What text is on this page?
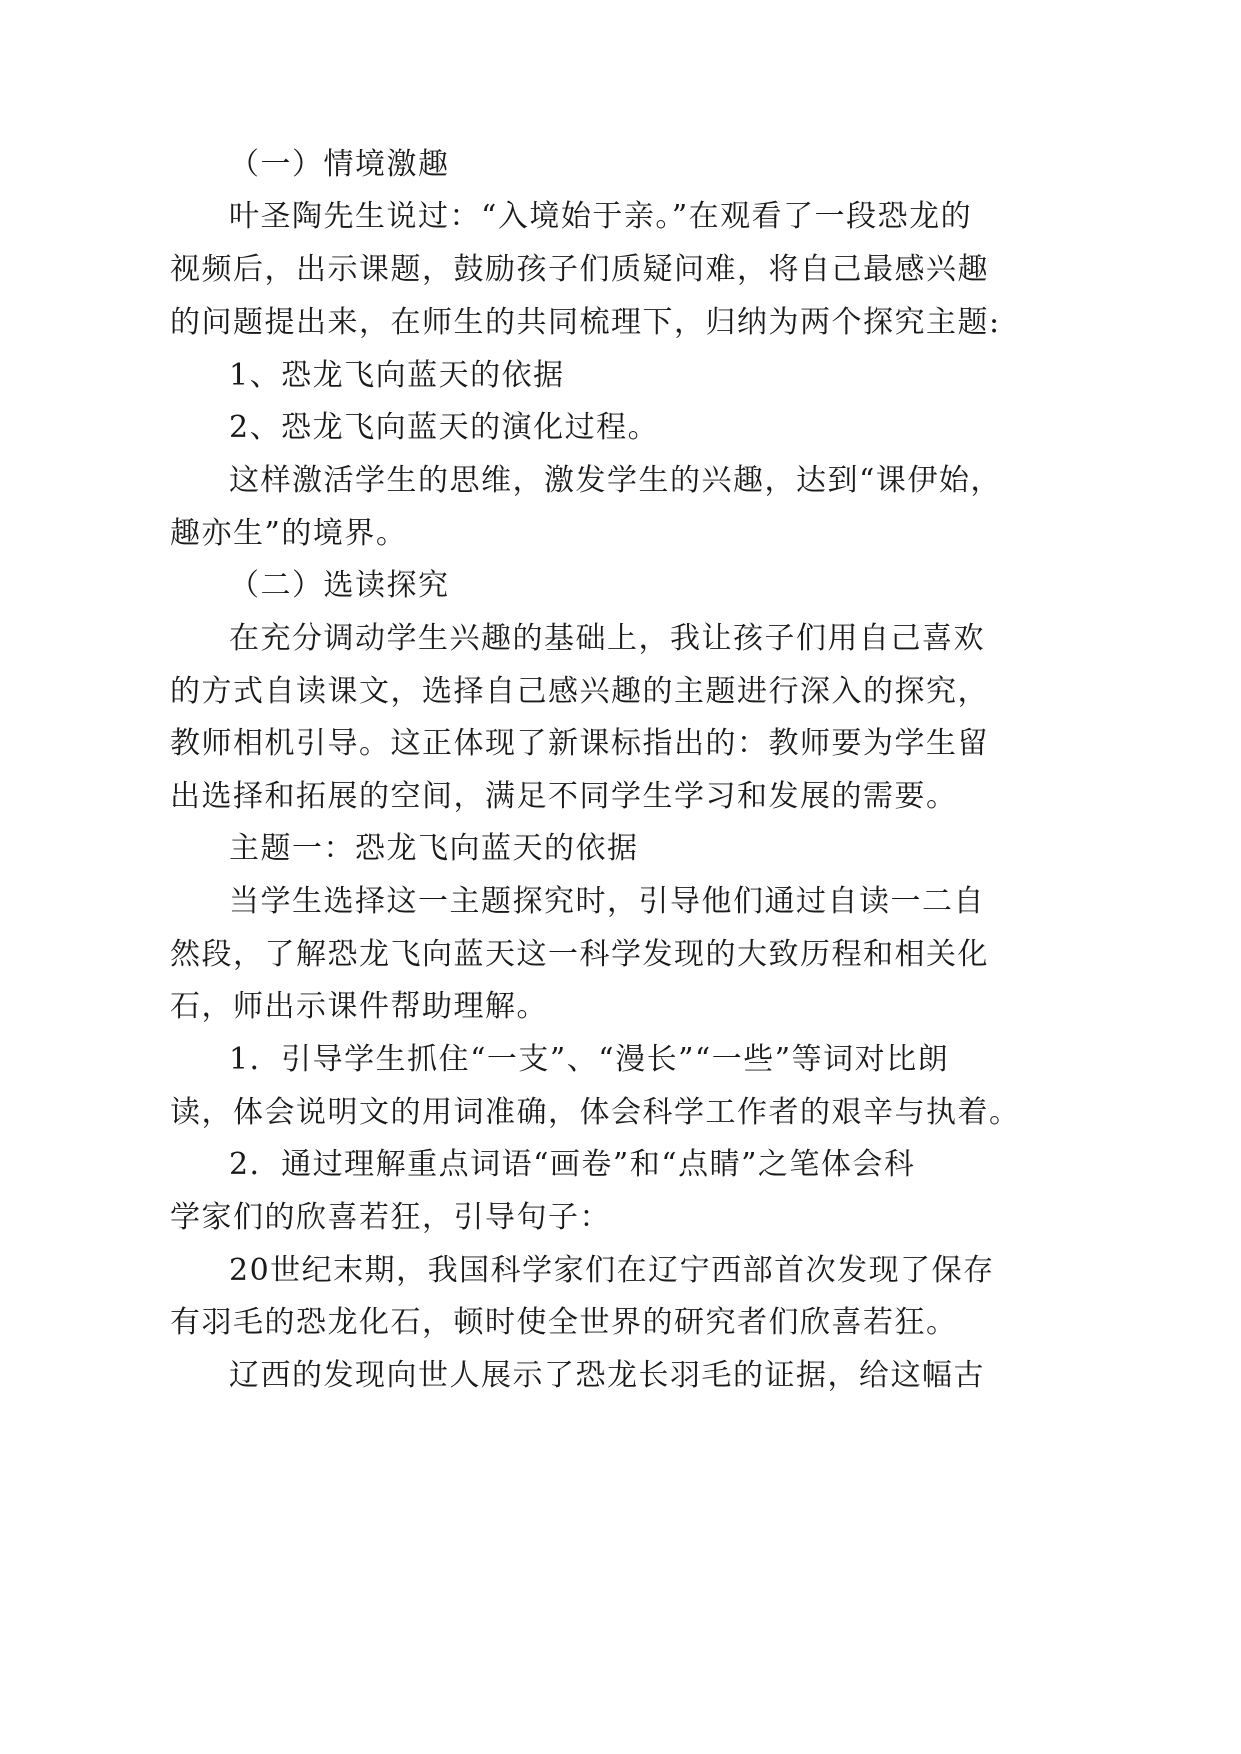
（一）情境激趣
叶圣陶先生说过：“入境始于亲。”在观看了一段恐龙的
视频后，出示课题，鼓励孩子们质疑问难，将自己最感兴趣
的问题提出来，在师生的共同梳理下，归纳为两个探究主题:
1、恐龙飞向蓝天的依据
2、恐龙飞向蓝天的演化过程。
这样激活学生的思维，激发学生的兴趣，达到“课伊始，
趣亦生”的境界。
（二）选读探究
在充分调动学生兴趣的基础上，我让孩子们用自己喜欢
的方式自读课文，选择自己感兴趣的主题进行深入的探究，
教师相机引导。这正体现了新课标指出的：教师要为学生留
出选择和拓展的空间，满足不同学生学习和发展的需要。
主题一：恐龙飞向蓝天的依据
当学生选择这一主题探究时，引导他们通过自读一二自
然段，了解恐龙飞向蓝天这一科学发现的大致历程和相关化
石，师出示课件帮助理解。
1．引导学生抓住“一支”、“漫长”“一些”等词对比朗
读，体会说明文的用词准确，体会科学工作者的艰辛与执着。
2．通过理解重点词语“画卷”和“点睛”之笔体会科
学家们的欣喜若狂，引导句子：
20世纪末期，我国科学家们在辽宁西部首次发现了保存
有羽毛的恐龙化石，顿时使全世界的研究者们欣喜若狂。
辽西的发现向世人展示了恐龙长羽毛的证据，给这幅古
